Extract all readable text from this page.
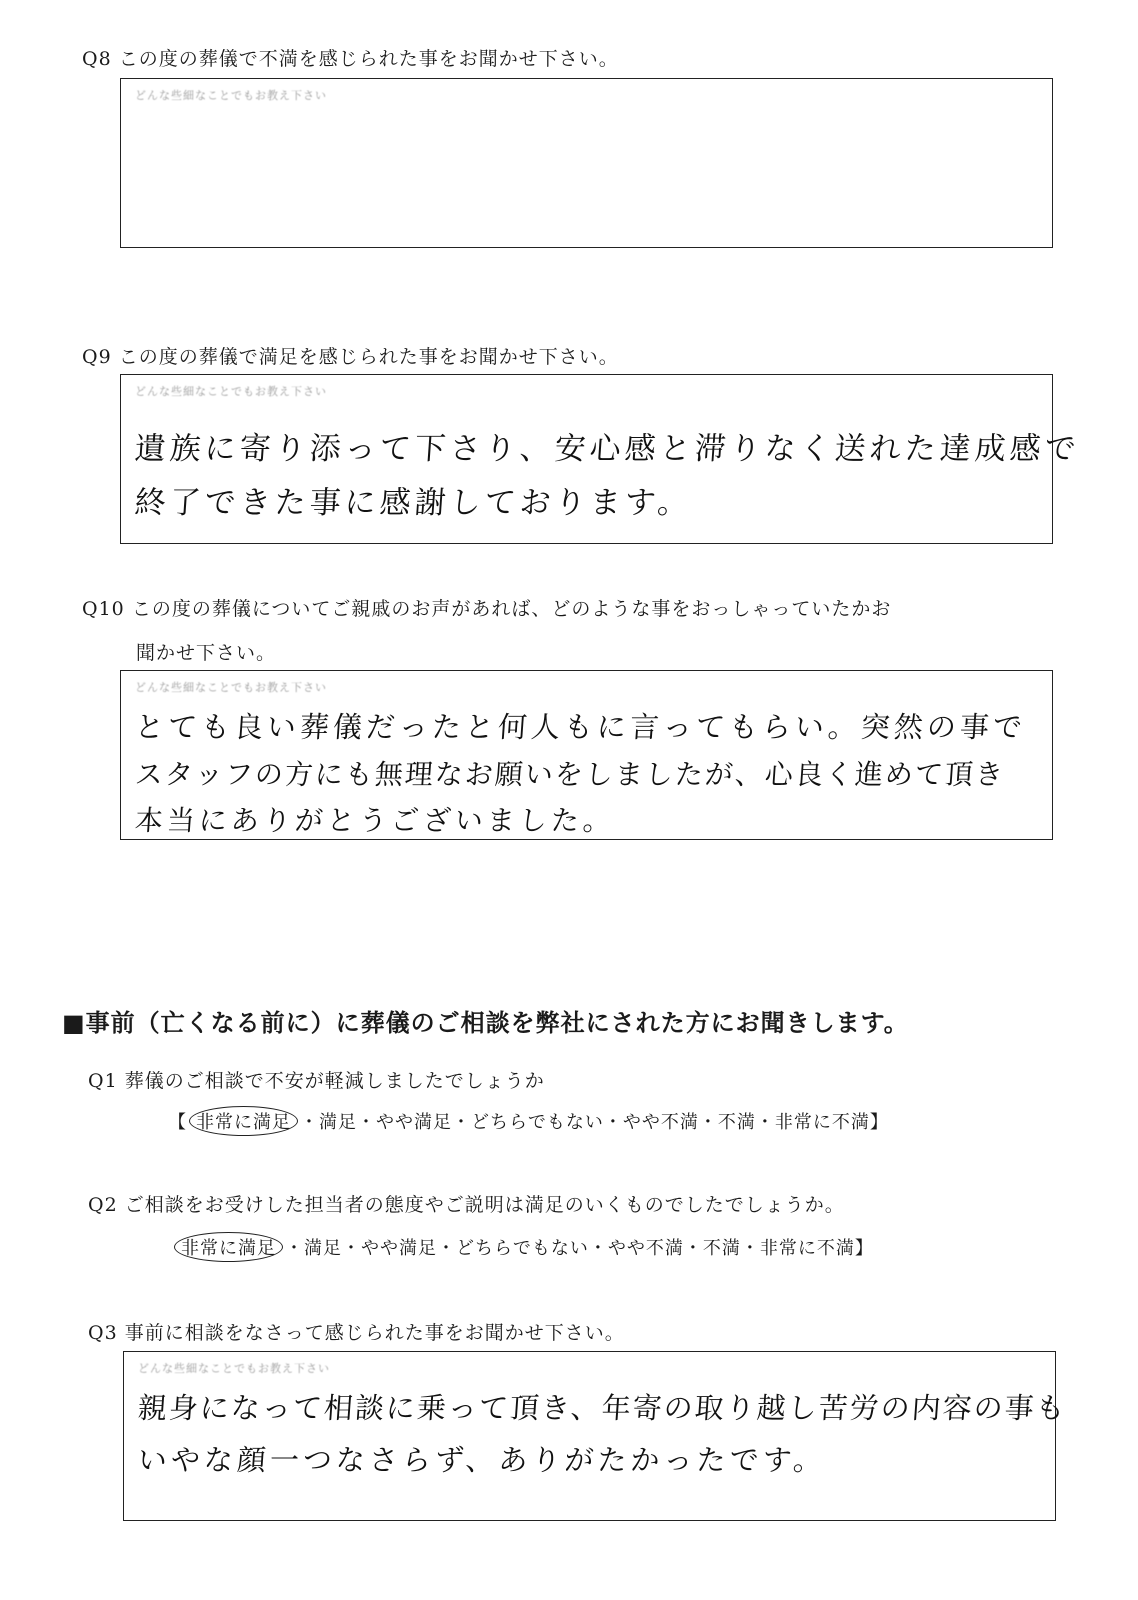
Q8 この度の葬儀で不満を感じられた事をお聞かせ下さい。
どんな些細なことでもお教え下さい
Q9 この度の葬儀で満足を感じられた事をお聞かせ下さい。
どんな些細なことでもお教え下さい
遺族に寄り添って下さり、安心感と滞りなく送れた達成感で
終了できた事に感謝しております。
Q10 この度の葬儀についてご親戚のお声があれば、どのような事をおっしゃっていたかお
聞かせ下さい。
どんな些細なことでもお教え下さい
とても良い葬儀だったと何人もに言ってもらい。突然の事で
スタッフの方にも無理なお願いをしましたが、心良く進めて頂き
本当にありがとうございました。
■事前（亡くなる前に）に葬儀のご相談を弊社にされた方にお聞きします。
Q1 葬儀のご相談で不安が軽減しましたでしょうか
【 非常に満足 ・満足・やや満足・どちらでもない・やや不満・不満・非常に不満】
Q2 ご相談をお受けした担当者の態度やご説明は満足のいくものでしたでしょうか。
非常に満足 ・満足・やや満足・どちらでもない・やや不満・不満・非常に不満】
Q3 事前に相談をなさって感じられた事をお聞かせ下さい。
どんな些細なことでもお教え下さい
親身になって相談に乗って頂き、年寄の取り越し苦労の内容の事も
いやな顔一つなさらず、ありがたかったです。
